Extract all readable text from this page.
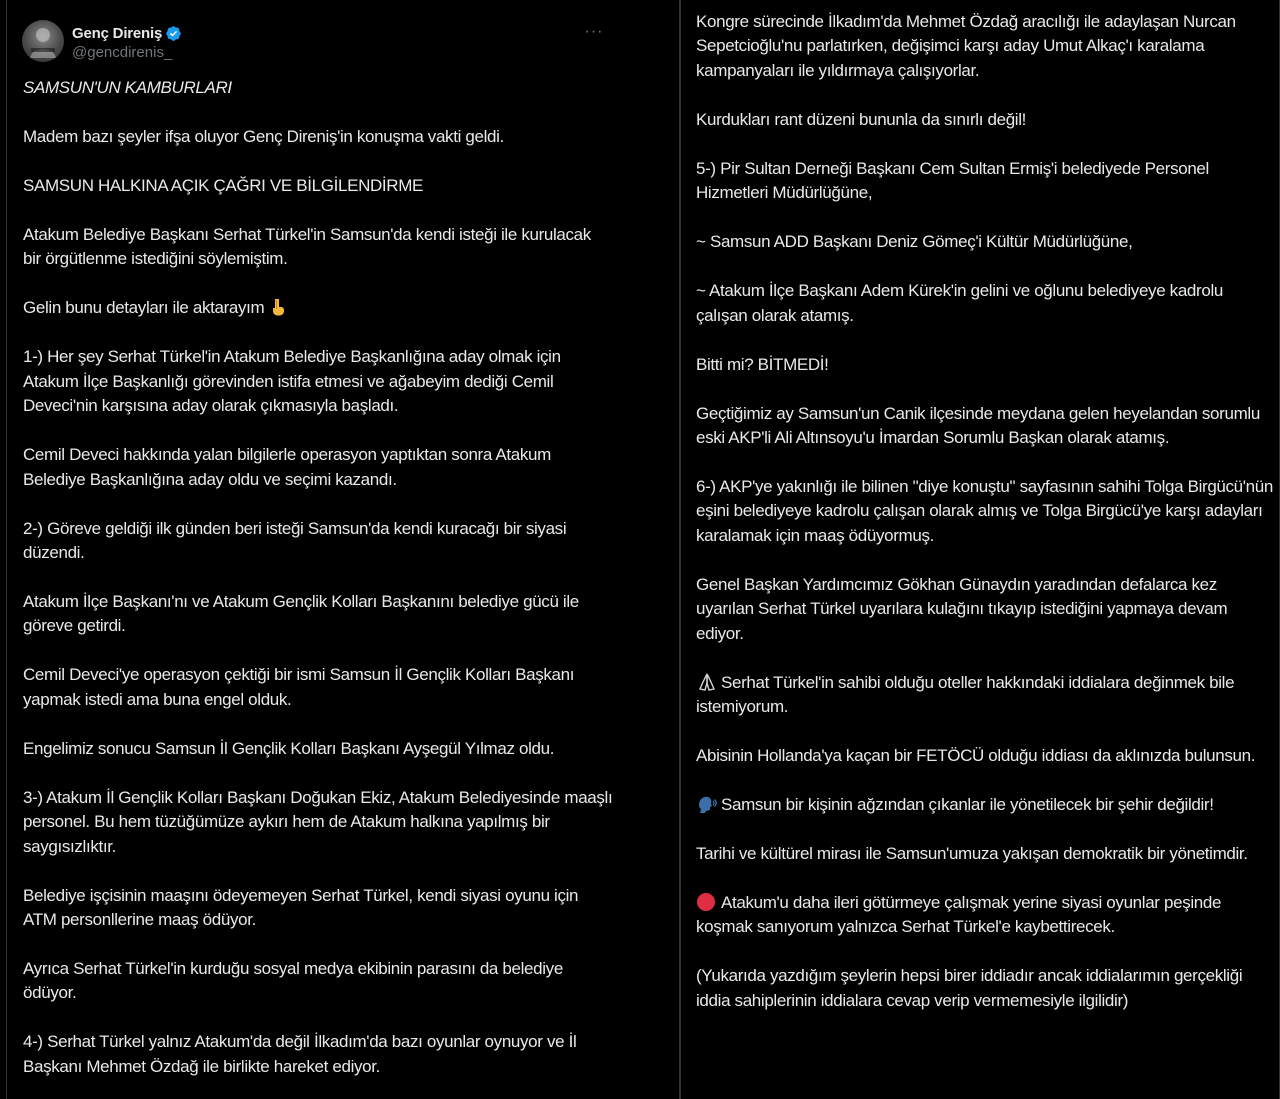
Genç Direniş
@gencdirenis_
···

SAMSUN'UN KAMBURLARI

Madem bazı şeyler ifşa oluyor Genç Direniş'in konuşma vakti geldi.

SAMSUN HALKINA AÇIK ÇAĞRI VE BİLGİLENDİRME

Atakum Belediye Başkanı Serhat Türkel'in Samsun'da kendi isteği ile kurulacak bir örgütlenme istediğini söylemiştim.

Gelin bunu detayları ile aktarayım

1-) Her şey Serhat Türkel'in Atakum Belediye Başkanlığına aday olmak için Atakum İlçe Başkanlığı görevinden istifa etmesi ve ağabeyim dediği Cemil Deveci'nin karşısına aday olarak çıkmasıyla başladı.

Cemil Deveci hakkında yalan bilgilerle operasyon yaptıktan sonra Atakum Belediye Başkanlığına aday oldu ve seçimi kazandı.

2-) Göreve geldiği ilk günden beri isteği Samsun'da kendi kuracağı bir siyasi düzendi.

Atakum İlçe Başkanı'nı ve Atakum Gençlik Kolları Başkanını belediye gücü ile göreve getirdi.

Cemil Deveci'ye operasyon çektiği bir ismi Samsun İl Gençlik Kolları Başkanı yapmak istedi ama buna engel olduk.

Engelimiz sonucu Samsun İl Gençlik Kolları Başkanı Ayşegül Yılmaz oldu.

3-) Atakum İl Gençlik Kolları Başkanı Doğukan Ekiz, Atakum Belediyesinde maaşlı personel. Bu hem tüzüğümüze aykırı hem de Atakum halkına yapılmış bir saygısızlıktır.

Belediye işçisinin maaşını ödeyemeyen Serhat Türkel, kendi siyasi oyunu için ATM personllerine maaş ödüyor.

Ayrıca Serhat Türkel'in kurduğu sosyal medya ekibinin parasını da belediye ödüyor.

4-) Serhat Türkel yalnız Atakum'da değil İlkadım'da bazı oyunlar oynuyor ve İl Başkanı Mehmet Özdağ ile birlikte hareket ediyor.

Kongre sürecinde İlkadım'da Mehmet Özdağ aracılığı ile adaylaşan Nurcan Sepetcioğlu'nu parlatırken, değişimci karşı aday Umut Alkaç'ı karalama kampanyaları ile yıldırmaya çalışıyorlar.

Kurdukları rant düzeni bununla da sınırlı değil!

5-) Pir Sultan Derneği Başkanı Cem Sultan Ermiş'i belediyede Personel Hizmetleri Müdürlüğüne,

~ Samsun ADD Başkanı Deniz Gömeç'i Kültür Müdürlüğüne,

~ Atakum İlçe Başkanı Adem Kürek'in gelini ve oğlunu belediyeye kadrolu çalışan olarak atamış.

Bitti mi? BİTMEDİ!

Geçtiğimiz ay Samsun'un Canik ilçesinde meydana gelen heyelandan sorumlu eski AKP'li Ali Altınsoyu'u İmardan Sorumlu Başkan olarak atamış.

6-) AKP'ye yakınlığı ile bilinen "diye konuştu" sayfasının sahihi Tolga Birgücü'nün eşini belediyeye kadrolu çalışan olarak almış ve Tolga Birgücü'ye karşı adayları karalamak için maaş ödüyormuş.

Genel Başkan Yardımcımız Gökhan Günaydın yaradından defalarca kez uyarılan Serhat Türkel uyarılara kulağını tıkayıp istediğini yapmaya devam ediyor.

Serhat Türkel'in sahibi olduğu oteller hakkındaki iddialara değinmek bile istemiyorum.

Abisinin Hollanda'ya kaçan bir FETÖCÜ olduğu iddiası da aklınızda bulunsun.

Samsun bir kişinin ağzından çıkanlar ile yönetilecek bir şehir değildir!

Tarihi ve kültürel mirası ile Samsun'umuza yakışan demokratik bir yönetimdir.

Atakum'u daha ileri götürmeye çalışmak yerine siyasi oyunlar peşinde koşmak sanıyorum yalnızca Serhat Türkel'e kaybettirecek.

(Yukarıda yazdığım şeylerin hepsi birer iddiadır ancak iddialarımın gerçekliği iddia sahiplerinin iddialara cevap verip vermemesiyle ilgilidir)
